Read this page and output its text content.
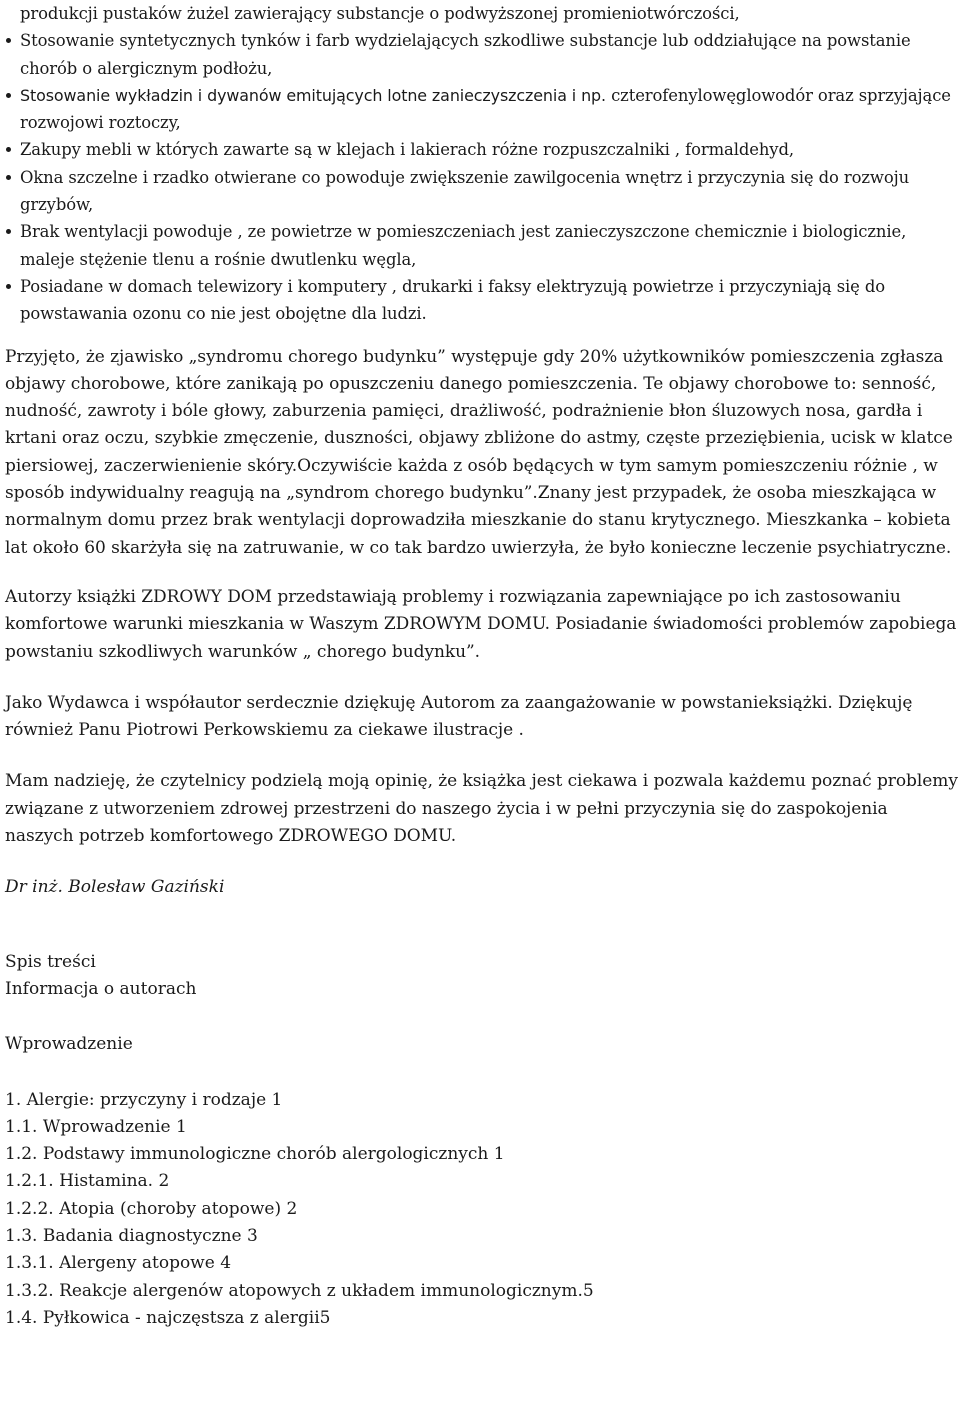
produkcji pustaków żużel zawierający substancje o podwyższonej promieniotwórczości,
Stosowanie syntetycznych tynków i farb wydzielających szkodliwe substancje lub oddziałujące na powstanie chorób o alergicznym podłożu,
Stosowanie wykładzin i dywanów emitujących lotne zanieczyszczenia i np. czterofenylowęglowodór oraz sprzyjające rozwojowi roztoczy,
Zakupy mebli w których zawarte są w klejach i lakierach różne rozpuszczalniki , formaldehyd,
Okna szczelne i rzadko otwierane co powoduje zwiększenie zawilgocenia wnętrz i przyczynia się do rozwoju grzybów,
Brak wentylacji powoduje , ze powietrze w pomieszczeniach jest zanieczyszczone chemicznie i biologicznie, maleje stężenie tlenu a rośnie dwutlenku węgla,
Posiadane w domach telewizory i komputery , drukarki i faksy elektryzują powietrze i przyczyniają się do powstawania ozonu co nie jest obojętne dla ludzi.

Przyjęto, że zjawisko „syndromu chorego budynku” występuje gdy 20% użytkowników pomieszczenia zgłasza objawy chorobowe, które zanikają po opuszczeniu danego pomieszczenia. Te objawy chorobowe to: senność, nudność, zawroty i bóle głowy, zaburzenia pamięci, drażliwość, podrażnienie błon śluzowych nosa, gardła i krtani oraz oczu, szybkie zmęczenie, duszności, objawy zbliżone do astmy, częste przeziębienia, ucisk w klatce piersiowej, zaczerwienienie skóry.Oczywiście każda z osób będących w tym samym pomieszczeniu różnie , w sposób indywidualny reagują na „syndrom chorego budynku”.Znany jest przypadek, że osoba mieszkająca w normalnym domu przez brak wentylacji doprowadziła mieszkanie do stanu krytycznego. Mieszkanka – kobieta lat około 60 skarżyła się na zatruwanie, w co tak bardzo uwierzyła, że było konieczne leczenie psychiatryczne.

Autorzy książki ZDROWY DOM przedstawiają problemy i rozwiązania zapewniające po ich zastosowaniu komfortowe warunki mieszkania w Waszym ZDROWYM DOMU. Posiadanie świadomości problemów zapobiega powstaniu szkodliwych warunków „ chorego budynku”.

Jako Wydawca i współautor serdecznie dziękuję Autorom za zaangażowanie w powstanieksiążki. Dziękuję również Panu Piotrowi Perkowskiemu za ciekawe ilustracje .

Mam nadzieję, że czytelnicy podzielą moją opinię, że książka jest ciekawa i pozwala każdemu poznać problemy związane z utworzeniem zdrowej przestrzeni do naszego życia i w pełni przyczynia się do zaspokojenia naszych potrzeb komfortowego ZDROWEGO DOMU.

Dr inż. Bolesław Gaziński

Spis treści

Informacja o autorach

Wprowadzenie

1. Alergie: przyczyny i rodzaje 1

1.1. Wprowadzenie 1

1.2. Podstawy immunologiczne chorób alergologicznych 1

1.2.1. Histamina. 2

1.2.2. Atopia (choroby atopowe) 2

1.3. Badania diagnostyczne 3

1.3.1. Alergeny atopowe 4

1.3.2. Reakcje alergenów atopowych z układem immunologicznym.5

1.4. Pyłkowica - najczęstsza z alergii5
